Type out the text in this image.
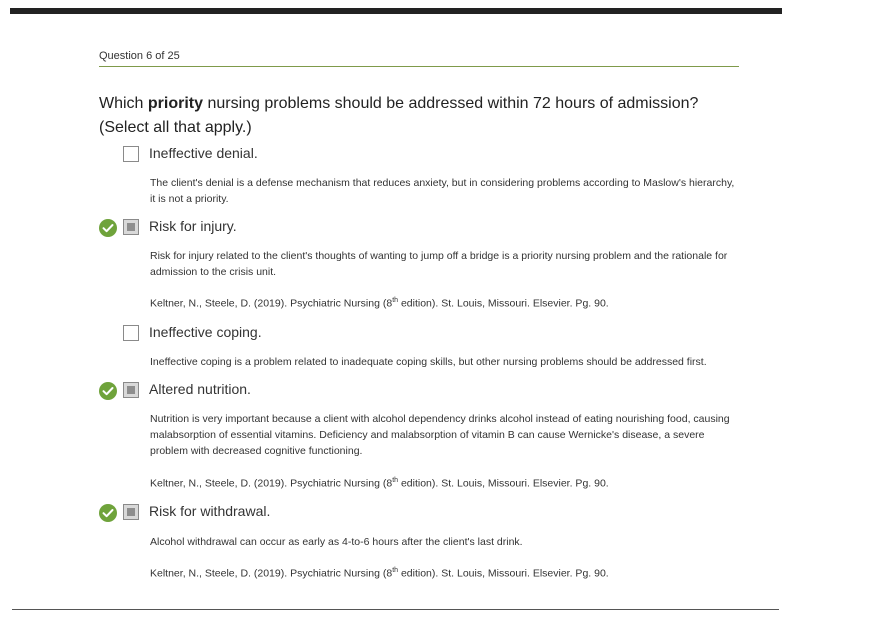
Question 6 of 25
Which priority nursing problems should be addressed within 72 hours of admission?
(Select all that apply.)
Ineffective denial.

The client's denial is a defense mechanism that reduces anxiety, but in considering problems according to Maslow's hierarchy, it is not a priority.

Risk for injury.

Risk for injury related to the client's thoughts of wanting to jump off a bridge is a priority nursing problem and the rationale for admission to the crisis unit.

Keltner, N., Steele, D. (2019). Psychiatric Nursing (8th edition). St. Louis, Missouri. Elsevier. Pg. 90.
Ineffective coping.

Ineffective coping is a problem related to inadequate coping skills, but other nursing problems should be addressed first.

Altered nutrition.

Nutrition is very important because a client with alcohol dependency drinks alcohol instead of eating nourishing food, causing malabsorption of essential vitamins. Deficiency and malabsorption of vitamin B can cause Wernicke's disease, a severe problem with decreased cognitive functioning.

Keltner, N., Steele, D. (2019). Psychiatric Nursing (8th edition). St. Louis, Missouri. Elsevier. Pg. 90.
Risk for withdrawal.

Alcohol withdrawal can occur as early as 4-to-6 hours after the client's last drink.

Keltner, N., Steele, D. (2019). Psychiatric Nursing (8th edition). St. Louis, Missouri. Elsevier. Pg. 90.
